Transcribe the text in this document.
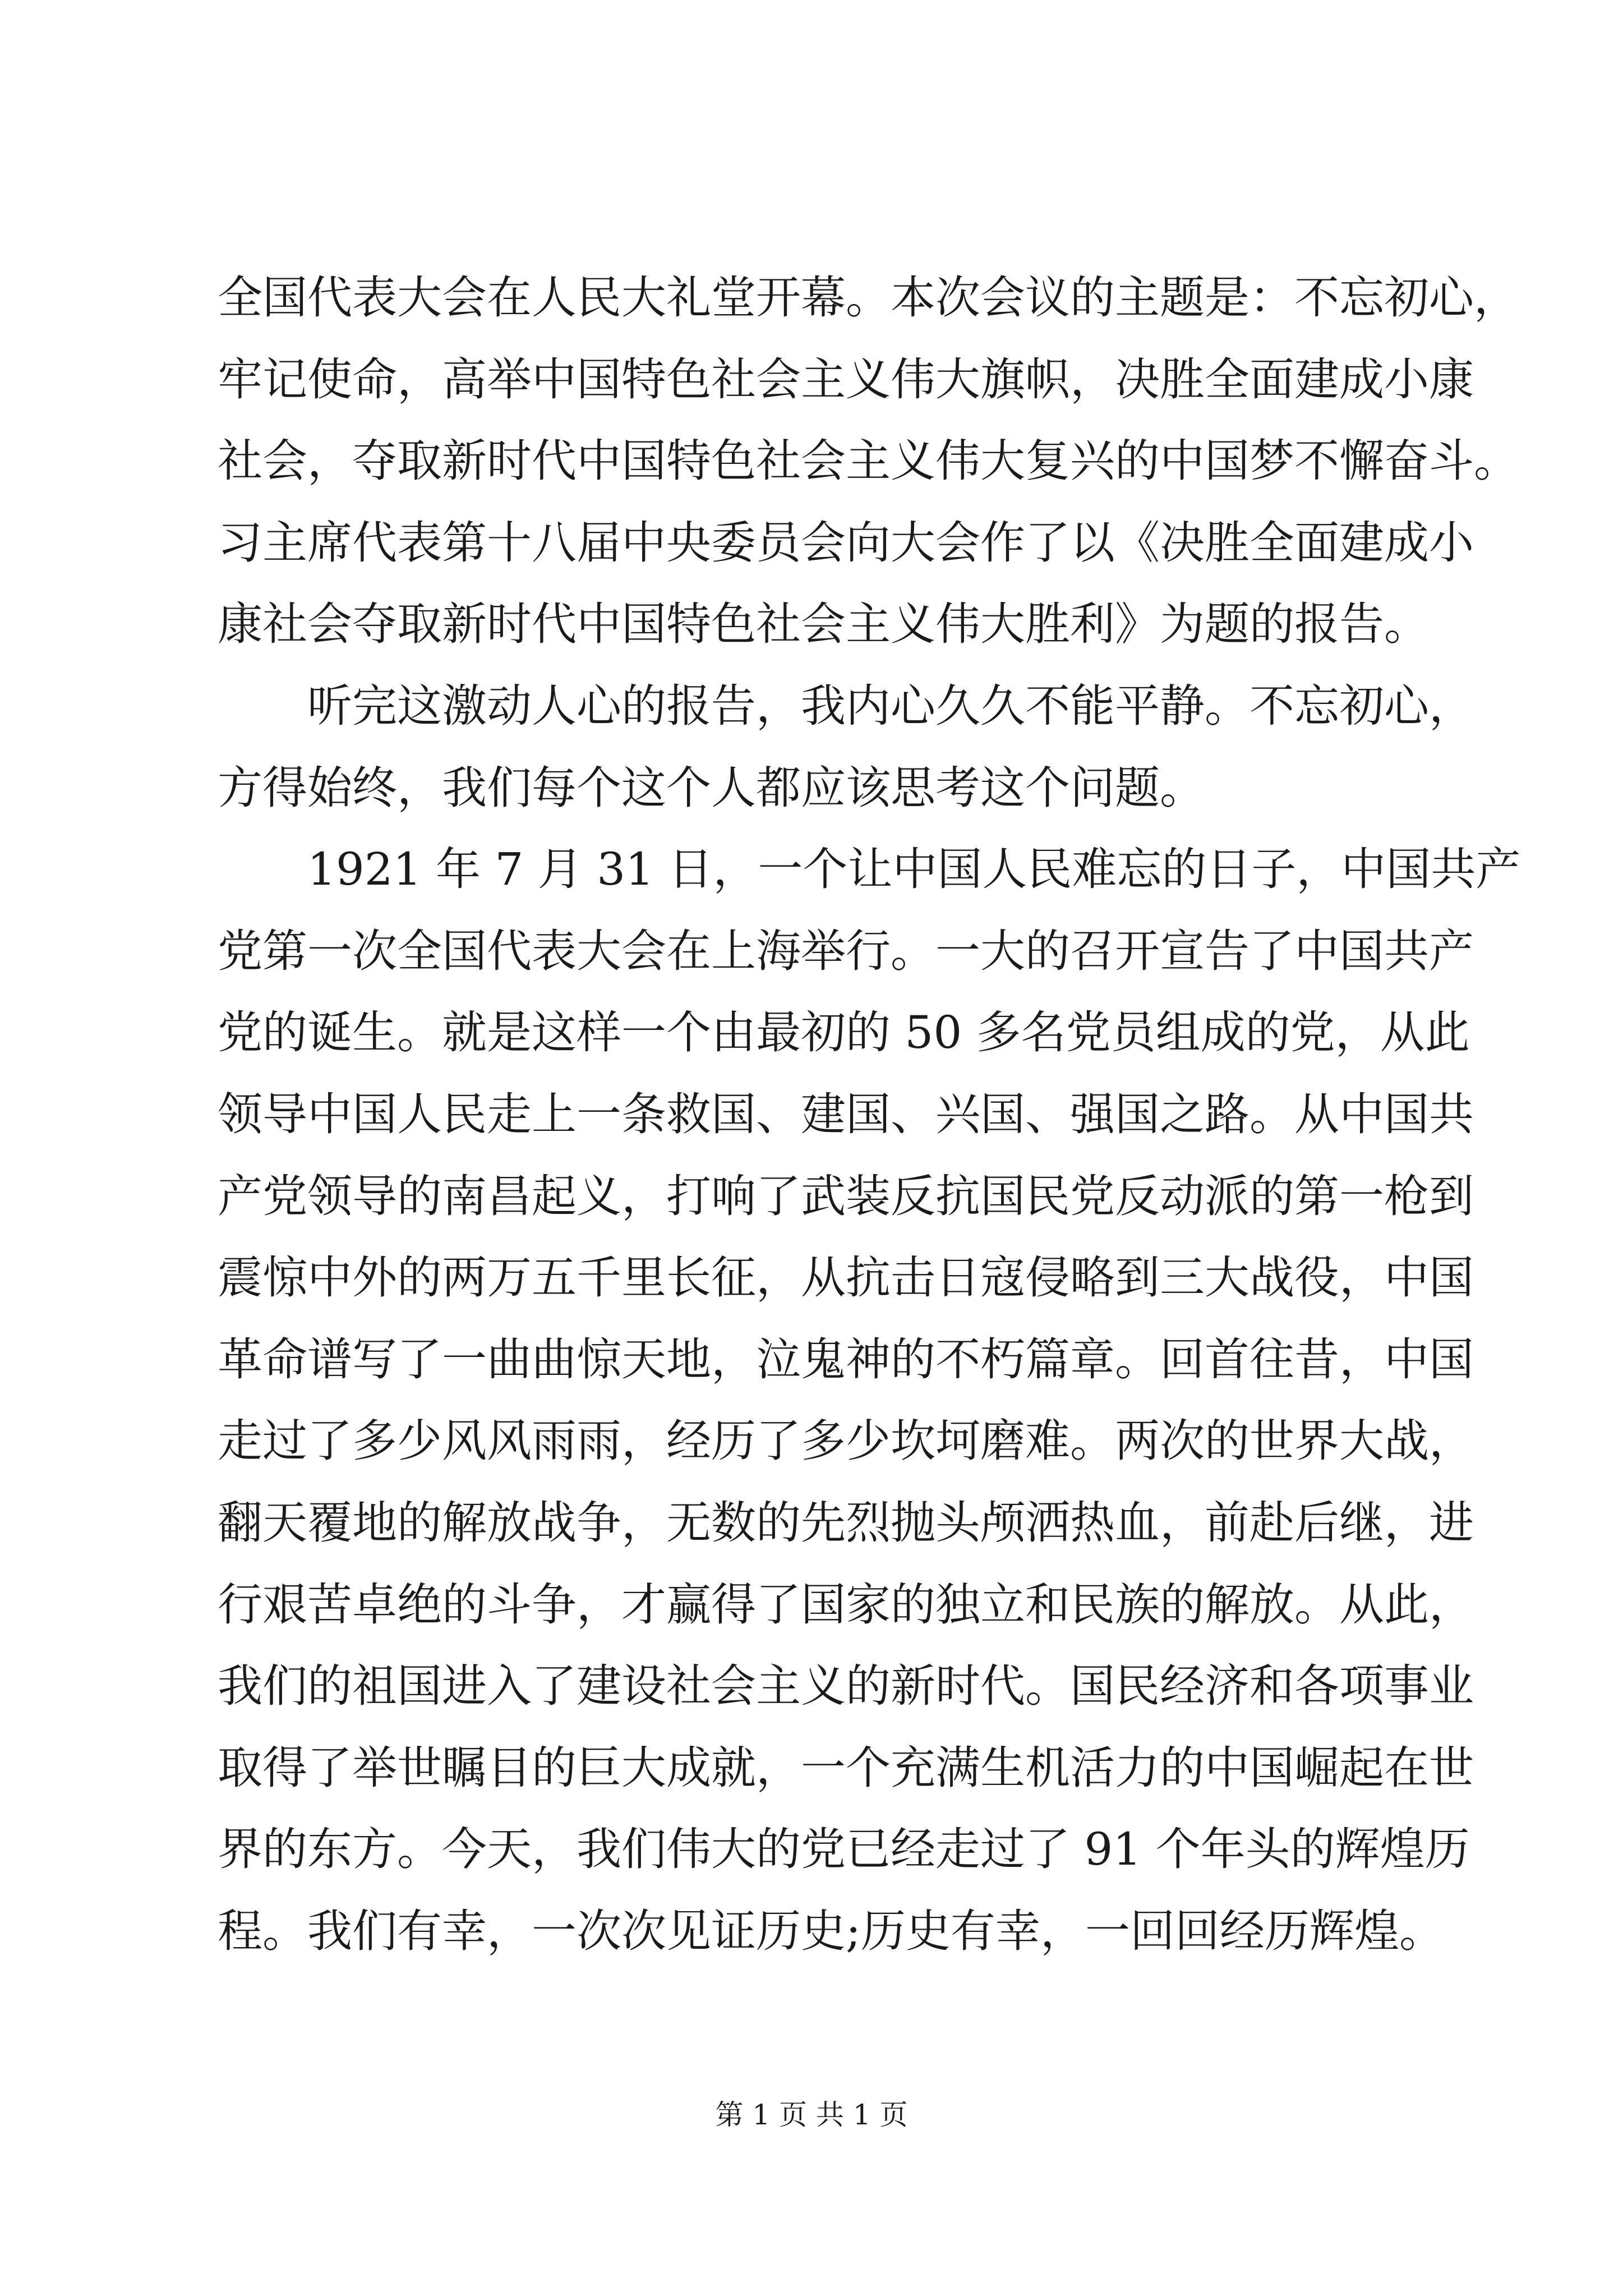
全国代表大会在人民大礼堂开幕。本次会议的主题是：不忘初心，
牢记使命，高举中国特色社会主义伟大旗帜，决胜全面建成小康
社会，夺取新时代中国特色社会主义伟大复兴的中国梦不懈奋斗。
习主席代表第十八届中央委员会向大会作了以《决胜全面建成小
康社会夺取新时代中国特色社会主义伟大胜利》为题的报告。
听完这激动人心的报告，我内心久久不能平静。不忘初心，
方得始终，我们每个这个人都应该思考这个问题。
1921 年 7 月 31 日，一个让中国人民难忘的日子，中国共产
党第一次全国代表大会在上海举行。一大的召开宣告了中国共产
党的诞生。就是这样一个由最初的 50 多名党员组成的党，从此
领导中国人民走上一条救国、建国、兴国、强国之路。从中国共
产党领导的南昌起义，打响了武装反抗国民党反动派的第一枪到
震惊中外的两万五千里长征，从抗击日寇侵略到三大战役，中国
革命谱写了一曲曲惊天地，泣鬼神的不朽篇章。回首往昔，中国
走过了多少风风雨雨，经历了多少坎坷磨难。两次的世界大战，
翻天覆地的解放战争，无数的先烈抛头颅洒热血，前赴后继，进
行艰苦卓绝的斗争，才赢得了国家的独立和民族的解放。从此，
我们的祖国进入了建设社会主义的新时代。国民经济和各项事业
取得了举世瞩目的巨大成就，一个充满生机活力的中国崛起在世
界的东方。今天，我们伟大的党已经走过了 91 个年头的辉煌历
程。我们有幸，一次次见证历史;历史有幸，一回回经历辉煌。
第 1 页 共 1 页
